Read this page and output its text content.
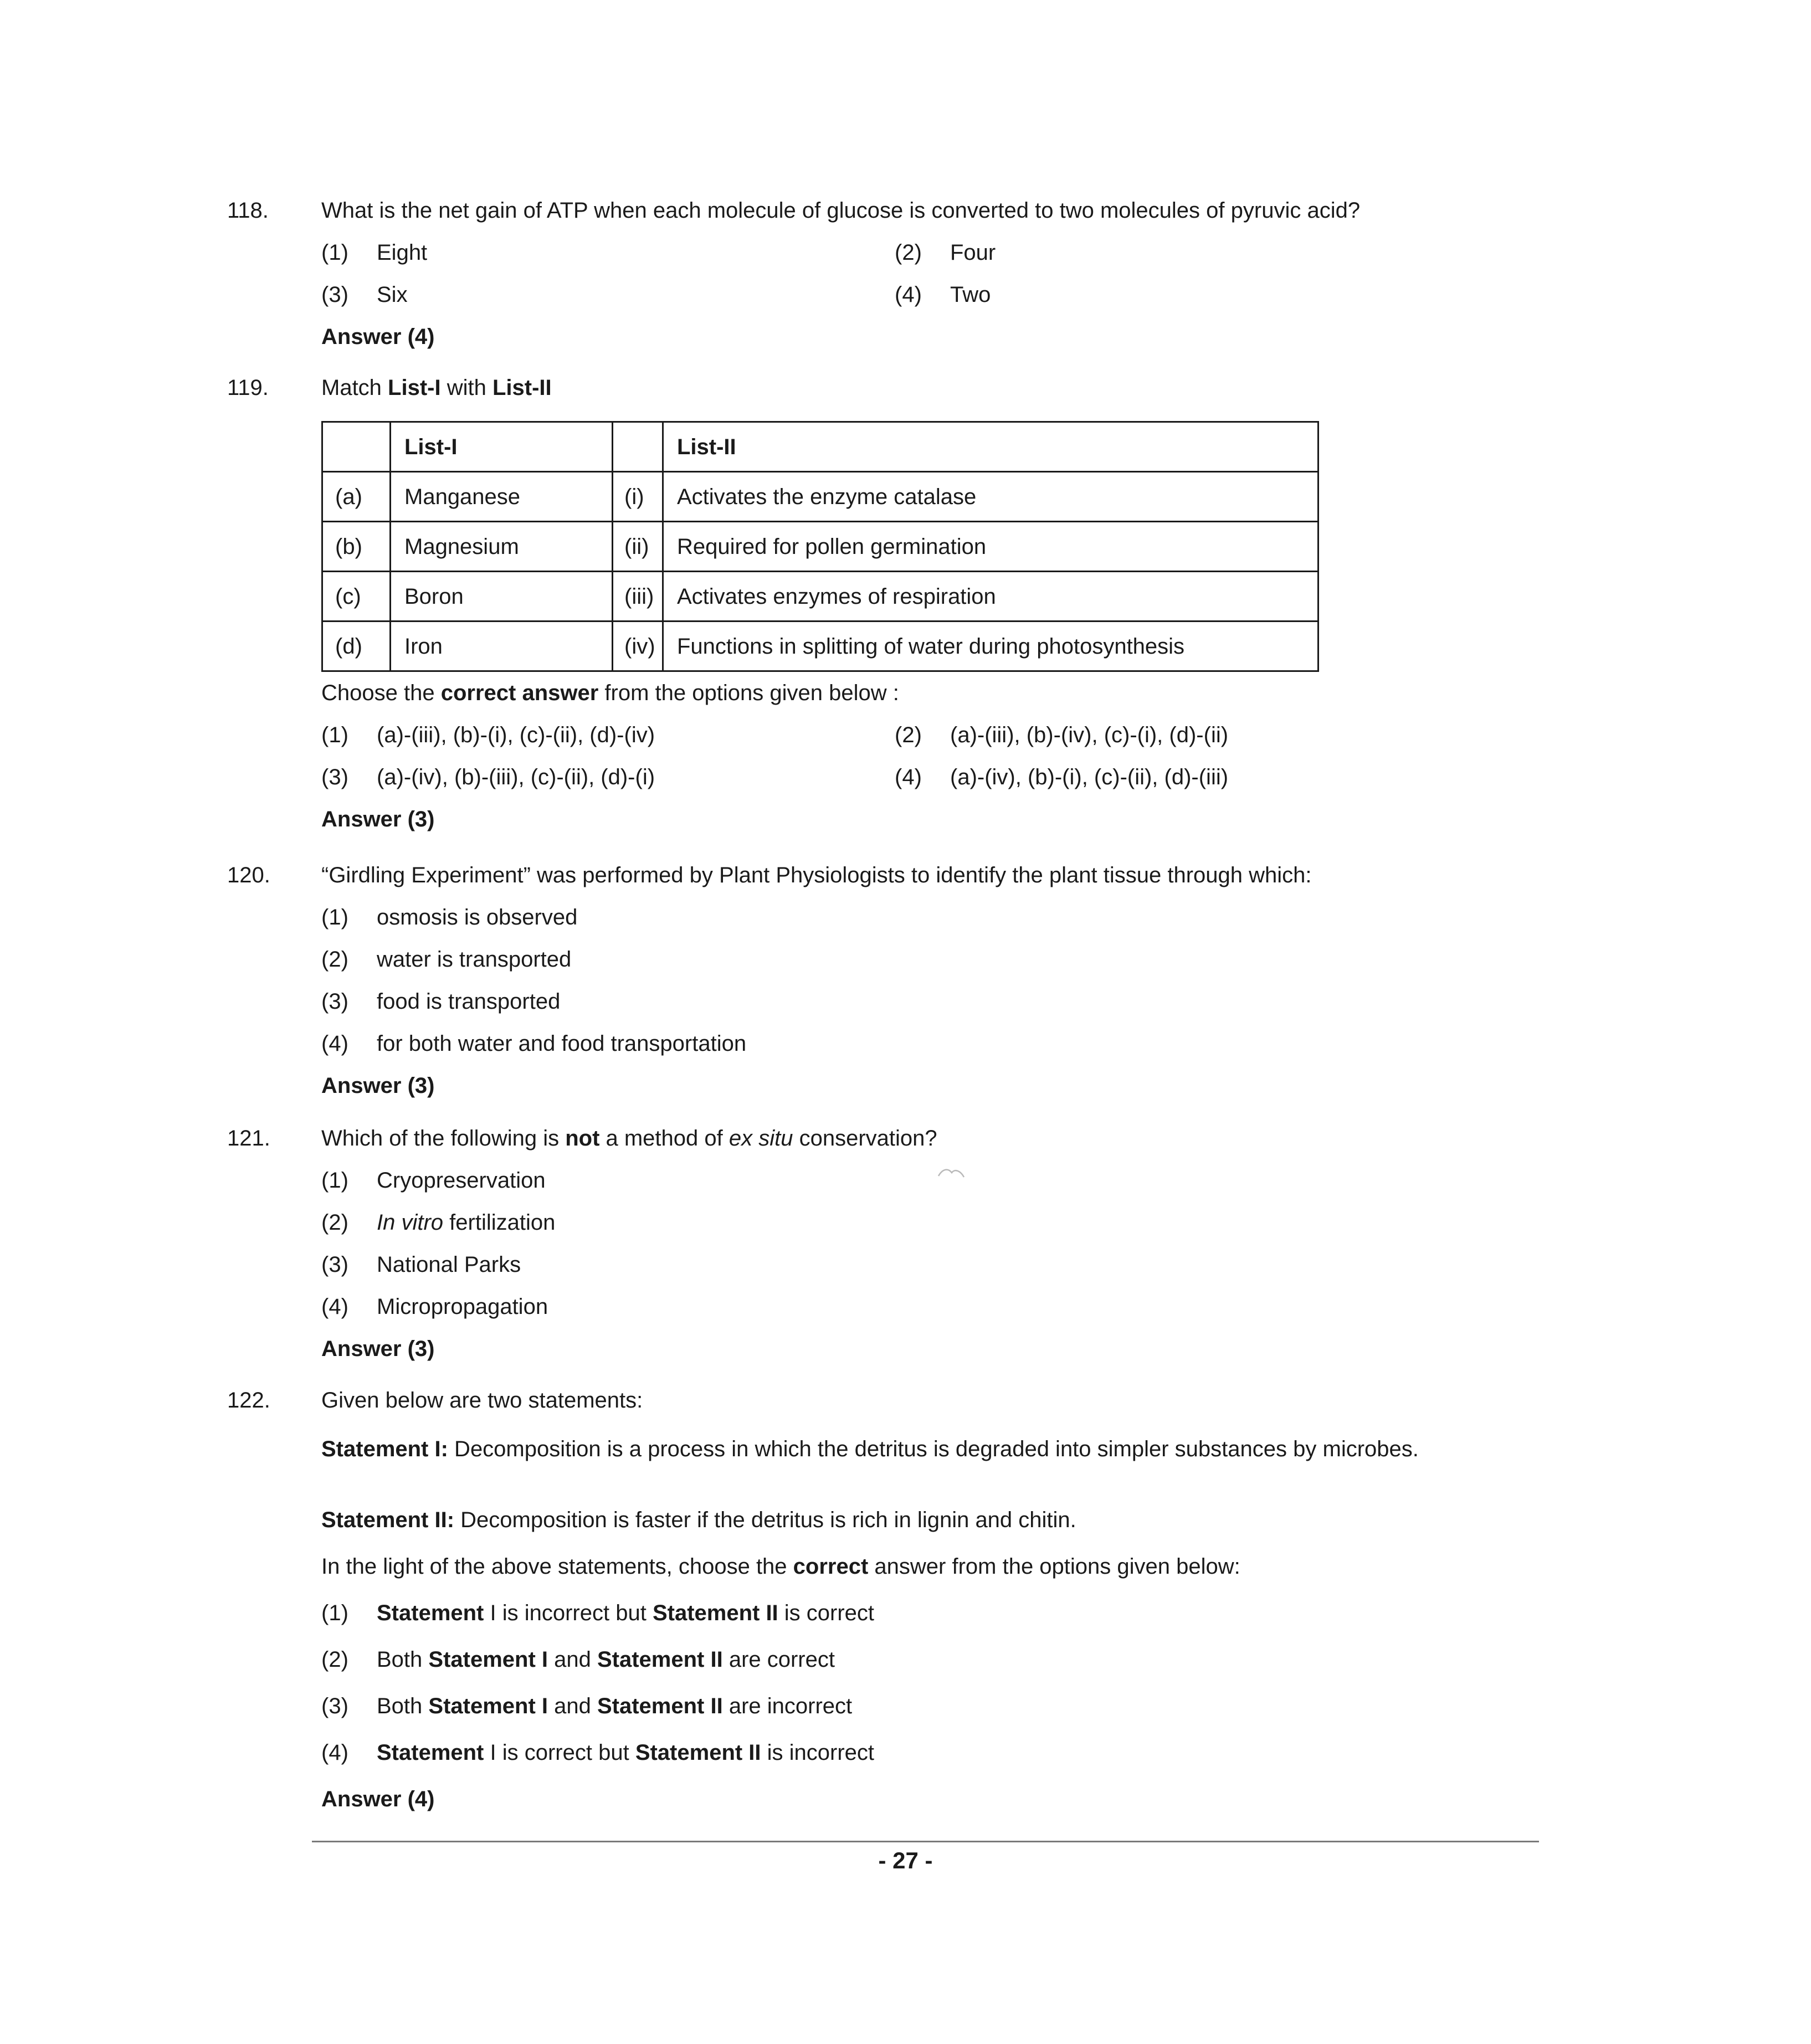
118. What is the net gain of ATP when each molecule of glucose is converted to two molecules of pyruvic acid?
(1) Eight	(2) Four
(3) Six	(4) Two
Answer (4)
119. Match List-I with List-II
	List-I		List-II
(a)	Manganese	(i)	Activates the enzyme catalase
(b)	Magnesium	(ii)	Required for pollen germination
(c)	Boron	(iii)	Activates enzymes of respiration
(d)	Iron	(iv)	Functions in splitting of water during photosynthesis
Choose the correct answer from the options given below :
(1) (a)-(iii), (b)-(i), (c)-(ii), (d)-(iv)	(2) (a)-(iii), (b)-(iv), (c)-(i), (d)-(ii)
(3) (a)-(iv), (b)-(iii), (c)-(ii), (d)-(i)	(4) (a)-(iv), (b)-(i), (c)-(ii), (d)-(iii)
Answer (3)
120. “Girdling Experiment” was performed by Plant Physiologists to identify the plant tissue through which:
(1) osmosis is observed
(2) water is transported
(3) food is transported
(4) for both water and food transportation
Answer (3)
121. Which of the following is not a method of ex situ conservation?
(1) Cryopreservation
(2) In vitro fertilization
(3) National Parks
(4) Micropropagation
Answer (3)
122. Given below are two statements:
Statement I: Decomposition is a process in which the detritus is degraded into simpler substances by microbes.
Statement II: Decomposition is faster if the detritus is rich in lignin and chitin.
In the light of the above statements, choose the correct answer from the options given below:
(1) Statement I is incorrect but Statement II is correct
(2) Both Statement I and Statement II are correct
(3) Both Statement I and Statement II are incorrect
(4) Statement I is correct but Statement II is incorrect
Answer (4)
- 27 -
